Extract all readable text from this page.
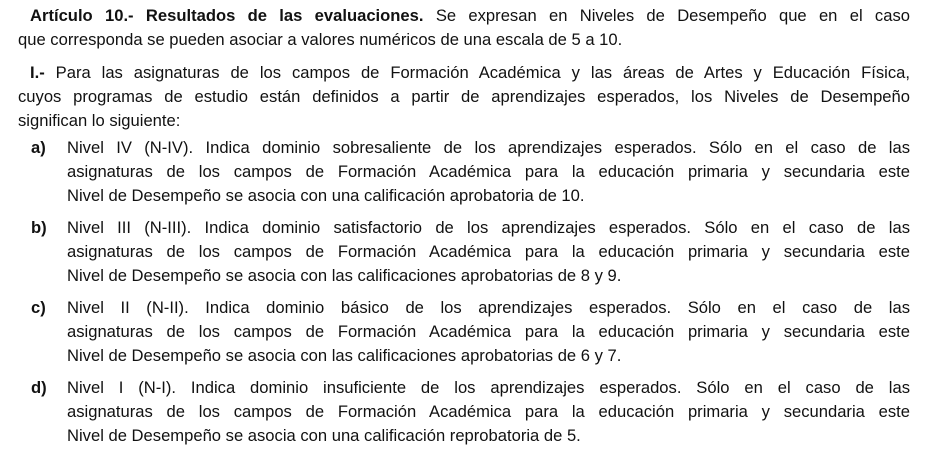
Artículo 10.- Resultados de las evaluaciones. Se expresan en Niveles de Desempeño que en el caso
que corresponda se pueden asociar a valores numéricos de una escala de 5 a 10.

I.- Para las asignaturas de los campos de Formación Académica y las áreas de Artes y Educación Física,
cuyos programas de estudio están definidos a partir de aprendizajes esperados, los Niveles de Desempeño
significan lo siguiente:

a)	Nivel IV (N-IV). Indica dominio sobresaliente de los aprendizajes esperados. Sólo en el caso de las
asignaturas de los campos de Formación Académica para la educación primaria y secundaria este
Nivel de Desempeño se asocia con una calificación aprobatoria de 10.
b)	Nivel III (N-III). Indica dominio satisfactorio de los aprendizajes esperados. Sólo en el caso de las
asignaturas de los campos de Formación Académica para la educación primaria y secundaria este
Nivel de Desempeño se asocia con las calificaciones aprobatorias de 8 y 9.
c)	Nivel II (N-II). Indica dominio básico de los aprendizajes esperados. Sólo en el caso de las
asignaturas de los campos de Formación Académica para la educación primaria y secundaria este
Nivel de Desempeño se asocia con las calificaciones aprobatorias de 6 y 7.
d)	Nivel I (N-I). Indica dominio insuficiente de los aprendizajes esperados. Sólo en el caso de las
asignaturas de los campos de Formación Académica para la educación primaria y secundaria este
Nivel de Desempeño se asocia con una calificación reprobatoria de 5.
